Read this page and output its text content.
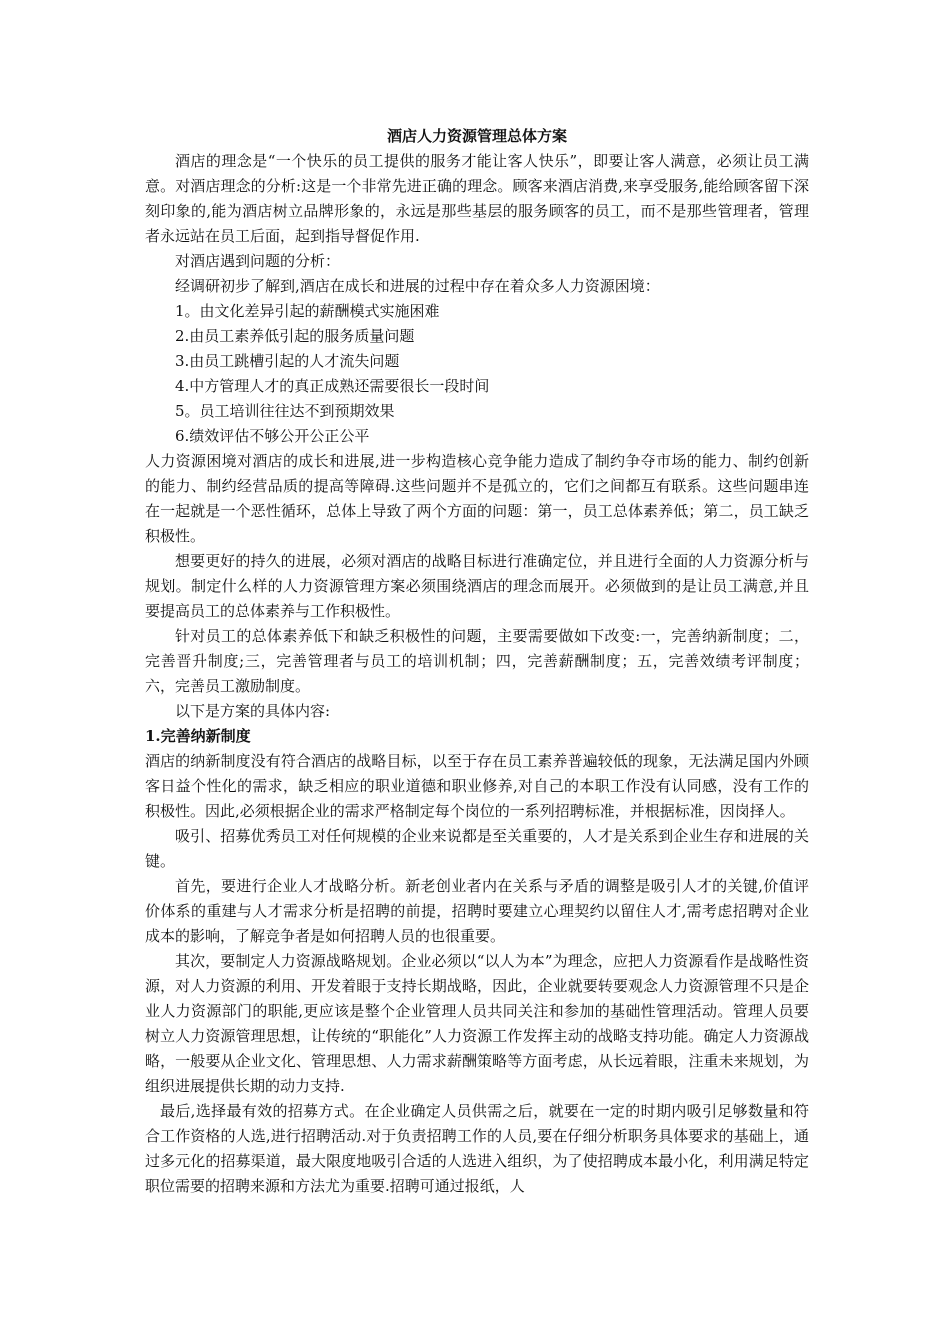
酒店人力资源管理总体方案

酒店的理念是“一个快乐的员工提供的服务才能让客人快乐”，即要让客人满意，必须让员工满意。对酒店理念的分析:这是一个非常先进正确的理念。顾客来酒店消费,来享受服务,能给顾客留下深刻印象的,能为酒店树立品牌形象的，永远是那些基层的服务顾客的员工，而不是那些管理者，管理者永远站在员工后面，起到指导督促作用.

对酒店遇到问题的分析：

经调研初步了解到,酒店在成长和进展的过程中存在着众多人力资源困境：

1。由文化差异引起的薪酬模式实施困难

2.由员工素养低引起的服务质量问题

3.由员工跳槽引起的人才流失问题

4.中方管理人才的真正成熟还需要很长一段时间

5。员工培训往往达不到预期效果

6.绩效评估不够公开公正公平

人力资源困境对酒店的成长和进展,进一步构造核心竞争能力造成了制约争夺市场的能力、制约创新的能力、制约经营品质的提高等障碍.这些问题并不是孤立的，它们之间都互有联系。这些问题串连在一起就是一个恶性循环，总体上导致了两个方面的问题：第一，员工总体素养低；第二，员工缺乏积极性。

想要更好的持久的进展，必须对酒店的战略目标进行准确定位，并且进行全面的人力资源分析与规划。制定什么样的人力资源管理方案必须围绕酒店的理念而展开。必须做到的是让员工满意,并且要提高员工的总体素养与工作积极性。

针对员工的总体素养低下和缺乏积极性的问题，主要需要做如下改变:一，完善纳新制度；二，完善晋升制度;三，完善管理者与员工的培训机制；四，完善薪酬制度；五，完善效绩考评制度；六，完善员工激励制度。

以下是方案的具体内容:

1.完善纳新制度

酒店的纳新制度没有符合酒店的战略目标，以至于存在员工素养普遍较低的现象，无法满足国内外顾客日益个性化的需求，缺乏相应的职业道德和职业修养,对自己的本职工作没有认同感，没有工作的积极性。因此,必须根据企业的需求严格制定每个岗位的一系列招聘标准，并根据标准，因岗择人。

吸引、招募优秀员工对任何规模的企业来说都是至关重要的，人才是关系到企业生存和进展的关键。

首先，要进行企业人才战略分析。新老创业者内在关系与矛盾的调整是吸引人才的关键,价值评价体系的重建与人才需求分析是招聘的前提，招聘时要建立心理契约以留住人才,需考虑招聘对企业成本的影响，了解竞争者是如何招聘人员的也很重要。

其次，要制定人力资源战略规划。企业必须以“以人为本”为理念，应把人力资源看作是战略性资源，对人力资源的利用、开发着眼于支持长期战略，因此，企业就要转要观念人力资源管理不只是企业人力资源部门的职能,更应该是整个企业管理人员共同关注和参加的基础性管理活动。管理人员要树立人力资源管理思想，让传统的“职能化”人力资源工作发挥主动的战略支持功能。确定人力资源战略，一般要从企业文化、管理思想、人力需求薪酬策略等方面考虑，从长远着眼，注重未来规划，为组织进展提供长期的动力支持.

最后,选择最有效的招募方式。在企业确定人员供需之后，就要在一定的时期内吸引足够数量和符合工作资格的人选,进行招聘活动.对于负责招聘工作的人员,要在仔细分析职务具体要求的基础上，通过多元化的招募渠道，最大限度地吸引合适的人选进入组织，为了使招聘成本最小化，利用满足特定职位需要的招聘来源和方法尤为重要.招聘可通过报纸，人
